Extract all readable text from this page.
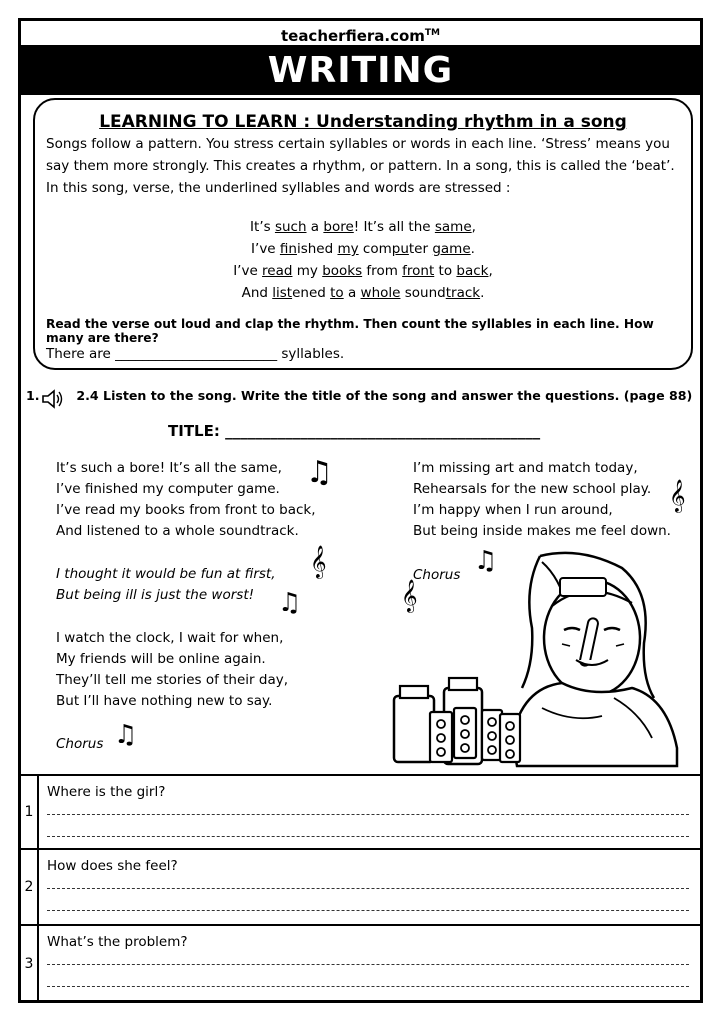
teacherfiera.com™
WRITING
LEARNING TO LEARN : Understanding rhythm in a song
Songs follow a pattern. You stress certain syllables or words in each line. ‘Stress’ means you say them more strongly. This creates a rhythm, or pattern. In a song, this is called the ‘beat’. In this song, verse, the underlined syllables and words are stressed :
It’s such a bore! It’s all the same,
I’ve finished my computer game.
I’ve read my books from front to back,
And listened to a whole soundtrack.
Read the verse out loud and clap the rhythm. Then count the syllables in each line. How many are there?
There are ________________________ syllables.
1.	2.4 Listen to the song. Write the title of the song and answer the questions. (page 88)
TITLE: __________________________________________
It’s such a bore! It’s all the same,
I’ve finished my computer game.
I’ve read my books from front to back,
And listened to a whole soundtrack.
I thought it would be fun at first,
But being ill is just the worst!
I watch the clock, I wait for when,
My friends will be online again.
They’ll tell me stories of their day,
But I’ll have nothing new to say.
Chorus
I’m missing art and match today,
Rehearsals for the new school play.
I’m happy when I run around,
But being inside makes me feel down.
Chorus
♫
𝄞
𝄞
♫
♫
𝄞
♫
1
Where is the girl?
2
How does she feel?
3
What’s the problem?
